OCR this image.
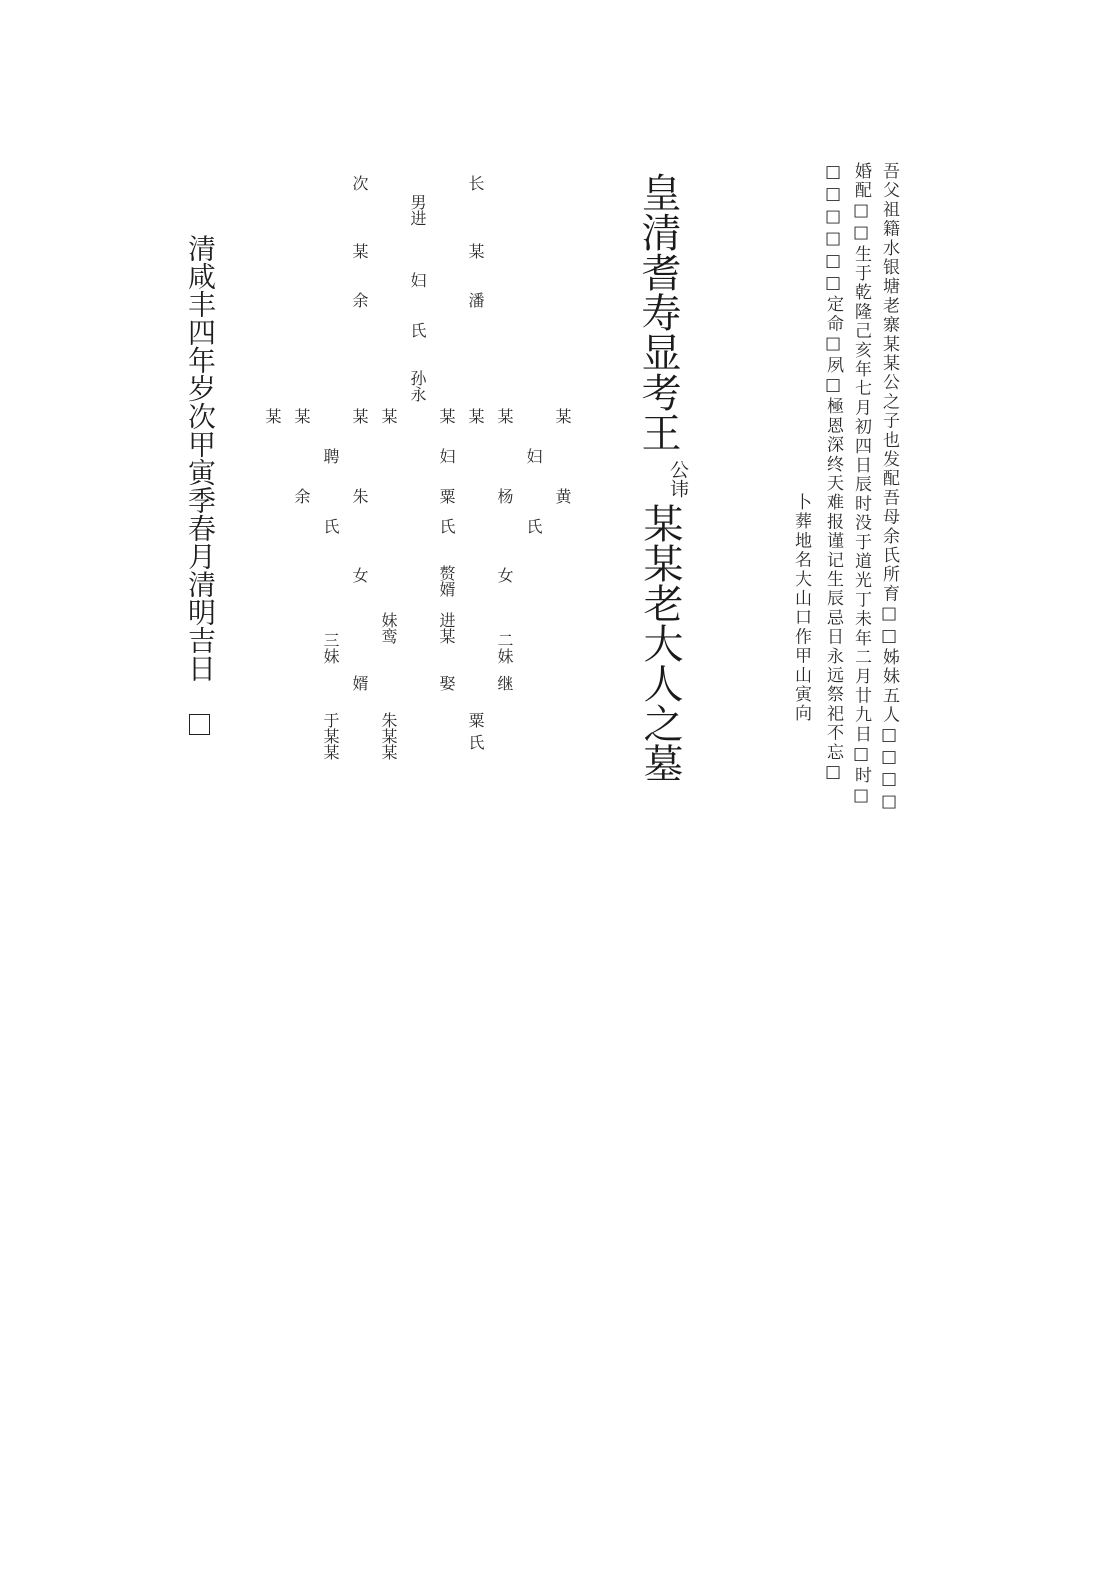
吾父祖籍水银塘老寨某某公之子也发配吾母余氏所育□□姊妹五人□□□□
婚配□□生于乾隆己亥年七月初四日辰时没于道光丁未年二月廿九日□时□
□□□□□□定命□夙□極恩深终天难报谨记生辰忌日永远祭祀不忘□
卜葬地名大山口作甲山寅向
皇清耆寿显考王
公讳
某某老大人之墓
长
某
潘
某
妇
黄
氏
某
杨
女
二妹
继
某
粟
氏
某
妇
粟
氏
赘婿
进某
娶
男进
妇
氏
孙永
某
妹鸾
朱某某
次
某
余
某
朱
女
婿
聘
氏
三妹
于某某
某
余
某
清咸丰四年岁次甲寅季春月清明吉日
